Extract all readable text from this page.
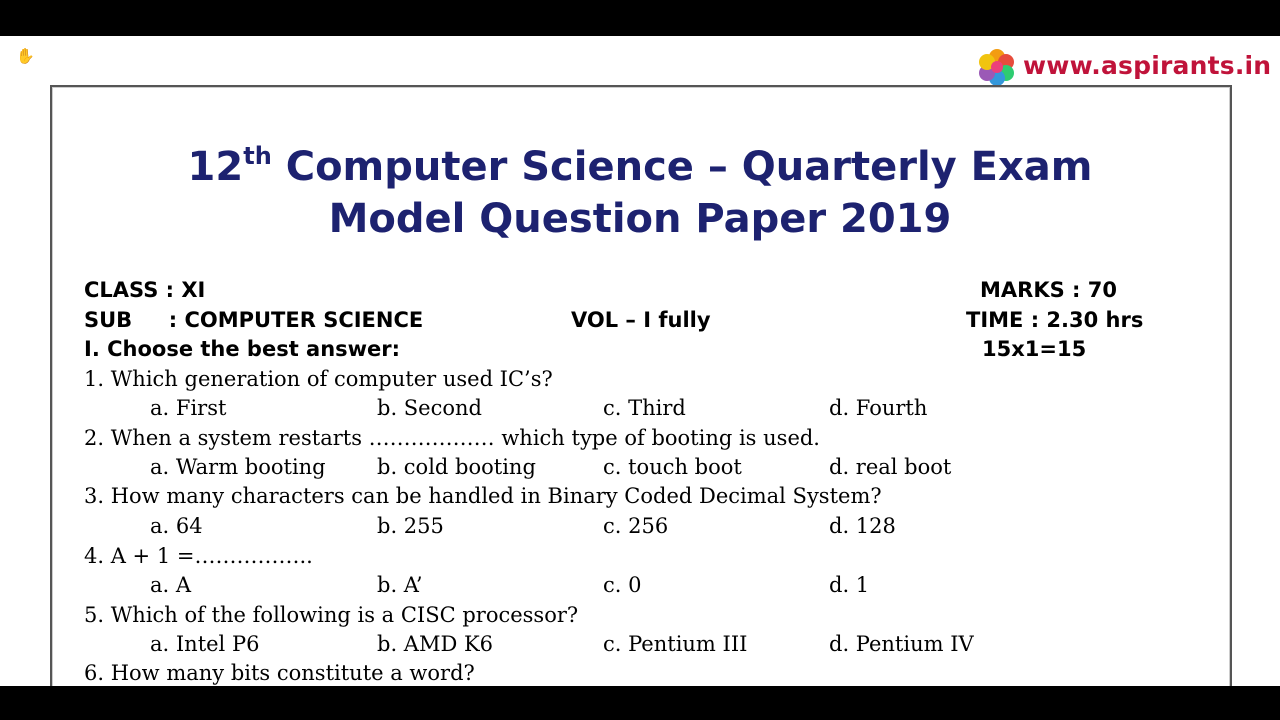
✋	www.aspirants.in
12th Computer Science – Quarterly Exam
Model Question Paper 2019
CLASS : XI	MARKS : 70
SUB     : COMPUTER SCIENCE	VOL – I fully	TIME : 2.30 hrs
I. Choose the best answer:	15x1=15
1. Which generation of computer used IC’s?
a. First	b. Second	c. Third	d. Fourth
2. When a system restarts ……………… which type of booting is used.
a. Warm booting b. cold booting	c. touch boot	d. real boot
3. How many characters can be handled in Binary Coded Decimal System?
a. 64	b. 255	c. 256	d. 128
4. A + 1 =……………..
a. A	b. A’	c. 0	d. 1
5. Which of the following is a CISC processor?
a. Intel P6	b. AMD K6	c. Pentium III	d. Pentium IV
6. How many bits constitute a word?
